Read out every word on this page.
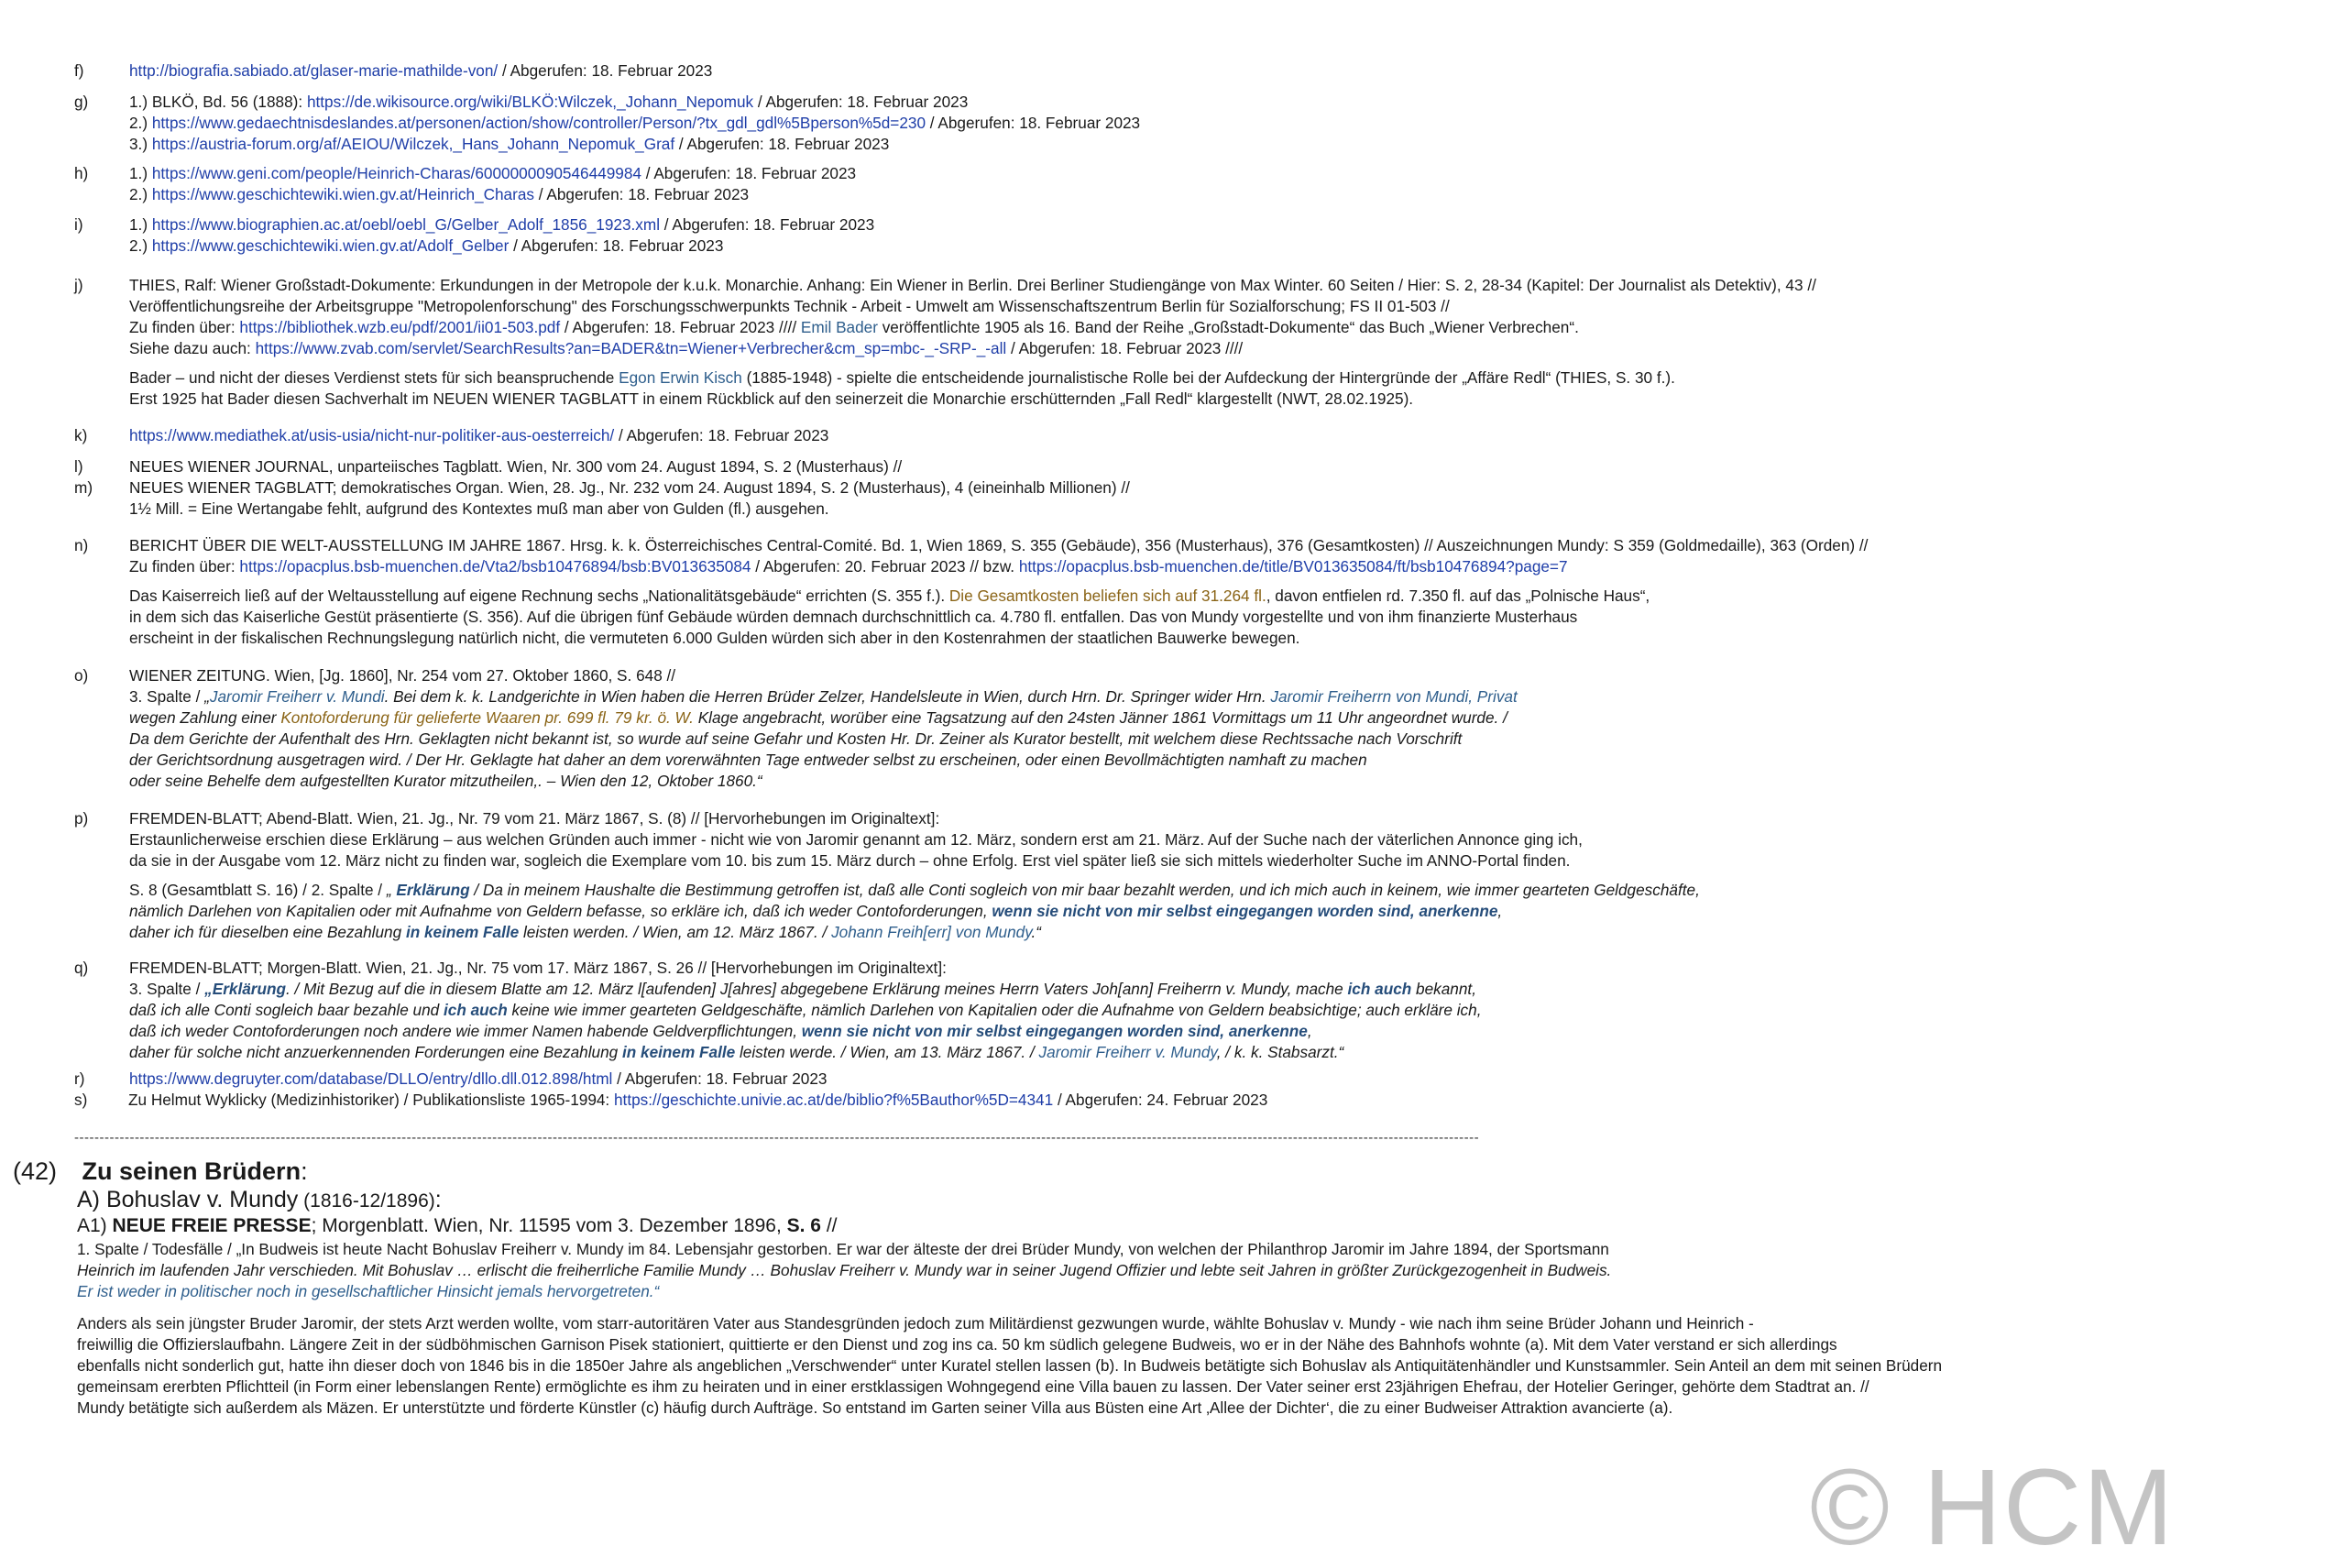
f)	http://biografia.sabiado.at/glaser-marie-mathilde-von/ / Abgerufen: 18. Februar 2023
g)	1.) BLKÖ, Bd. 56 (1888): https://de.wikisource.org/wiki/BLKÖ:Wilczek,_Johann_Nepomuk / Abgerufen: 18. Februar 2023
2.) https://www.gedaechtnisdeslandes.at/personen/action/show/controller/Person/?tx_gdl_gdl%5Bperson%5d=230 / Abgerufen: 18. Februar 2023
3.) https://austria-forum.org/af/AEIOU/Wilczek,_Hans_Johann_Nepomuk_Graf / Abgerufen: 18. Februar 2023
h)	1.) https://www.geni.com/people/Heinrich-Charas/6000000090546449984 / Abgerufen: 18. Februar 2023
2.) https://www.geschichtewiki.wien.gv.at/Heinrich_Charas / Abgerufen: 18. Februar 2023
i)	1.) https://www.biographien.ac.at/oebl/oebl_G/Gelber_Adolf_1856_1923.xml / Abgerufen: 18. Februar 2023
2.) https://www.geschichtewiki.wien.gv.at/Adolf_Gelber / Abgerufen: 18. Februar 2023
j)	THIES, Ralf: Wiener Großstadt-Dokumente: Erkundungen in der Metropole der k.u.k. Monarchie. Anhang: Ein Wiener in Berlin. Drei Berliner Studiengänge von Max Winter. 60 Seiten / Hier: S. 2, 28-34 (Kapitel: Der Journalist als Detektiv), 43 //
Veröffentlichungsreihe der Arbeitsgruppe "Metropolenforschung" des Forschungsschwerpunkts Technik - Arbeit - Umwelt am Wissenschaftszentrum Berlin für Sozialforschung; FS II 01-503 //
Zu finden über: https://bibliothek.wzb.eu/pdf/2001/ii01-503.pdf / Abgerufen: 18. Februar 2023 //// Emil Bader veröffentlichte 1905 als 16. Band der Reihe „Großstadt-Dokumente“ das Buch „Wiener Verbrechen“.
Siehe dazu auch: https://www.zvab.com/servlet/SearchResults?an=BADER&tn=Wiener+Verbrecher&cm_sp=mbc-_-SRP-_-all / Abgerufen: 18. Februar 2023 ////
Bader – und nicht der dieses Verdienst stets für sich beanspruchende Egon Erwin Kisch (1885-1948) - spielte die entscheidende journalistische Rolle bei der Aufdeckung der Hintergründe der „Affäre Redl“ (THIES, S. 30 f.).
Erst 1925 hat Bader diesen Sachverhalt im NEUEN WIENER TAGBLATT in einem Rückblick auf den seinerzeit die Monarchie erschütternden „Fall Redl“ klargestellt (NWT, 28.02.1925).
k)	https://www.mediathek.at/usis-usia/nicht-nur-politiker-aus-oesterreich/ / Abgerufen: 18. Februar 2023
l)	NEUES WIENER JOURNAL, unparteiisches Tagblatt. Wien, Nr. 300 vom 24. August 1894, S. 2 (Musterhaus) //
m) NEUES WIENER TAGBLATT; demokratisches Organ. Wien, 28. Jg., Nr. 232 vom 24. August 1894, S. 2 (Musterhaus), 4 (eineinhalb Millionen) //
1½ Mill. = Eine Wertangabe fehlt, aufgrund des Kontextes muß man aber von Gulden (fl.) ausgehen.
n)	BERICHT ÜBER DIE WELT-AUSSTELLUNG IM JAHRE 1867. Hrsg. k. k. Österreichisches Central-Comité. Bd. 1, Wien 1869, S. 355 (Gebäude), 356 (Musterhaus), 376 (Gesamtkosten) // Auszeichnungen Mundy: S 359 (Goldmedaille), 363 (Orden) //
Zu finden über: https://opacplus.bsb-muenchen.de/Vta2/bsb10476894/bsb:BV013635084 / Abgerufen: 20. Februar 2023 // bzw. https://opacplus.bsb-muenchen.de/title/BV013635084/ft/bsb10476894?page=7
Das Kaiserreich ließ auf der Weltausstellung auf eigene Rechnung sechs „Nationalitätsgebäude“ errichten (S. 355 f.). Die Gesamtkosten beliefen sich auf 31.264 fl., davon entfielen rd. 7.350 fl. auf das „Polnische Haus“,
in dem sich das Kaiserliche Gestüt präsentierte (S. 356). Auf die übrigen fünf Gebäude würden demnach durchschnittlich ca. 4.780 fl. entfallen. Das von Mundy vorgestellte und von ihm finanzierte Musterhaus
erscheint in der fiskalischen Rechnungslegung natürlich nicht, die vermuteten 6.000 Gulden würden sich aber in den Kostenrahmen der staatlichen Bauwerke bewegen.
o)	WIENER ZEITUNG. Wien, [Jg. 1860], Nr. 254 vom 27. Oktober 1860, S. 648 //
3. Spalte / „Jaromir Freiherr v. Mundi. Bei dem k. k. Landgerichte in Wien haben die Herren Brüder Zelzer, Handelsleute in Wien, durch Hrn. Dr. Springer wider Hrn. Jaromir Freiherrn von Mundi, Privat
wegen Zahlung einer Kontoforderung für gelieferte Waaren pr. 699 fl. 79 kr. ö. W. Klage angebracht, worüber eine Tagsatzung auf den 24sten Jänner 1861 Vormittags um 11 Uhr angeordnet wurde. /
Da dem Gerichte der Aufenthalt des Hrn. Geklagten nicht bekannt ist, so wurde auf seine Gefahr und Kosten Hr. Dr. Zeiner als Kurator bestellt, mit welchem diese Rechtssache nach Vorschrift
der Gerichtsordnung ausgetragen wird. / Der Hr. Geklagte hat daher an dem vorerwähnten Tage entweder selbst zu erscheinen, oder einen Bevollmächtigten namhaft zu machen
oder seine Behelfe dem aufgestellten Kurator mitzutheilen,. – Wien den 12, Oktober 1860.“
p)	FREMDEN-BLATT; Abend-Blatt. Wien, 21. Jg., Nr. 79 vom 21. März 1867, S. (8) // [Hervorhebungen im Originaltext]:
Erstaunlicherweise erschien diese Erklärung – aus welchen Gründen auch immer - nicht wie von Jaromir genannt am 12. März, sondern erst am 21. März. Auf der Suche nach der väterlichen Annonce ging ich,
da sie in der Ausgabe vom 12. März nicht zu finden war, sogleich die Exemplare vom 10. bis zum 15. März durch – ohne Erfolg. Erst viel später ließ sie sich mittels wiederholter Suche im ANNO-Portal finden.
S. 8 (Gesamtblatt S. 16) / 2. Spalte / „ Erklärung / Da in meinem Haushalte die Bestimmung getroffen ist, daß alle Conti sogleich von mir baar bezahlt werden, und ich mich auch in keinem, wie immer gearteten Geldgeschäfte,
nämlich Darlehen von Kapitalien oder mit Aufnahme von Geldern befasse, so erkläre ich, daß ich weder Contoforderungen, wenn sie nicht von mir selbst eingegangen worden sind, anerkenne,
daher ich für dieselben eine Bezahlung in keinem Falle leisten werden. / Wien, am 12. März 1867. / Johann Freih[err] von Mundy.“
q)	FREMDEN-BLATT; Morgen-Blatt. Wien, 21. Jg., Nr. 75 vom 17. März 1867, S. 26 // [Hervorhebungen im Originaltext]:
3. Spalte / „Erklärung. / Mit Bezug auf die in diesem Blatte am 12. März l[aufenden] J[ahres] abgegebene Erklärung meines Herrn Vaters Joh[ann] Freiherrn v. Mundy, mache ich auch bekannt,
daß ich alle Conti sogleich baar bezahle und ich auch keine wie immer gearteten Geldgeschäfte, nämlich Darlehen von Kapitalien oder die Aufnahme von Geldern beabsichtige; auch erkläre ich,
daß ich weder Contoforderungen noch andere wie immer Namen habende Geldverpflichtungen, wenn sie nicht von mir selbst eingegangen worden sind, anerkenne,
daher für solche nicht anzuerkennenden Forderungen eine Bezahlung in keinem Falle leisten werde. / Wien, am 13. März 1867. / Jaromir Freiherr v. Mundy, / k. k. Stabsarzt.“
r)	https://www.degruyter.com/database/DLLO/entry/dllo.dll.012.898/html / Abgerufen: 18. Februar 2023
s)	Zu Helmut Wyklicky (Medizinhistoriker) / Publikationsliste 1965-1994: https://geschichte.univie.ac.at/de/biblio?f%5Bauthor%5D=4341 / Abgerufen: 24. Februar 2023
---------------------------------------------------------------------------------------------------------------------------------------------------------------------------------------------------------------------------------------------------------------------------------------
(42) Zu seinen Brüdern:
A) Bohuslav v. Mundy (1816-12/1896):
A1) NEUE FREIE PRESSE; Morgenblatt. Wien, Nr. 11595 vom 3. Dezember 1896, S. 6 //
1. Spalte / Todesfälle / „In Budweis ist heute Nacht Bohuslav Freiherr v. Mundy im 84. Lebensjahr gestorben. Er war der älteste der drei Brüder Mundy, von welchen der Philanthrop Jaromir im Jahre 1894, der Sportsmann
Heinrich im laufenden Jahr verschieden. Mit Bohuslav … erlischt die freiherrliche Familie Mundy … Bohuslav Freiherr v. Mundy war in seiner Jugend Offizier und lebte seit Jahren in größter Zurückgezogenheit in Budweis.
Er ist weder in politischer noch in gesellschaftlicher Hinsicht jemals hervorgetreten.“
Anders als sein jüngster Bruder Jaromir, der stets Arzt werden wollte, vom starr-autoritären Vater aus Standesgründen jedoch zum Militärdienst gezwungen wurde, wählte Bohuslav v. Mundy - wie nach ihm seine Brüder Johann und Heinrich -
freiwillig die Offizierslaufbahn. Längere Zeit in der südböhmischen Garnison Pisek stationiert, quittierte er den Dienst und zog ins ca. 50 km südlich gelegene Budweis, wo er in der Nähe des Bahnhofs wohnte (a). Mit dem Vater verstand er sich allerdings
ebenfalls nicht sonderlich gut, hatte ihn dieser doch von 1846 bis in die 1850er Jahre als angeblichen „Verschwender“ unter Kuratel stellen lassen (b). In Budweis betätigte sich Bohuslav als Antiquitätenhändler und Kunstsammler. Sein Anteil an dem mit seinen Brüdern
gemeinsam ererbten Pflichtteil (in Form einer lebenslangen Rente) ermöglichte es ihm zu heiraten und in einer erstklassigen Wohngegend eine Villa bauen zu lassen. Der Vater seiner erst 23jährigen Ehefrau, der Hotelier Geringer, gehörte dem Stadtrat an. //
Mundy betätigte sich außerdem als Mäzen. Er unterstützte und förderte Künstler (c) häufig durch Aufträge. So entstand im Garten seiner Villa aus Büsten eine Art ‚Allee der Dichter‘, die zu einer Budweiser Attraktion avancierte (a).
© HCM
